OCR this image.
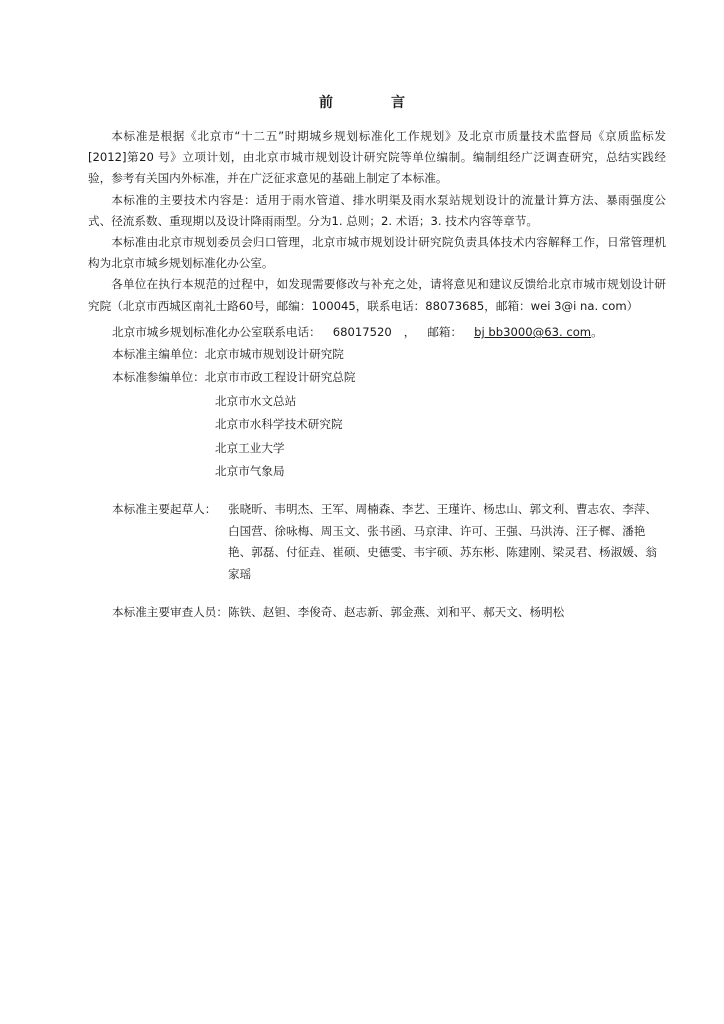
前　言

本标准是根据《北京市“十二五”时期城乡规划标准化工作规划》及北京市质量技术监督局《京质监标发[2012]第20 号》立项计划，由北京市城市规划设计研究院等单位编制。编制组经广泛调查研究，总结实践经验，参考有关国内外标准，并在广泛征求意见的基础上制定了本标准。

本标准的主要技术内容是：适用于雨水管道、排水明渠及雨水泵站规划设计的流量计算方法、暴雨强度公式、径流系数、重现期以及设计降雨雨型。分为1. 总则；2. 术语；3. 技术内容等章节。

本标准由北京市规划委员会归口管理，北京市城市规划设计研究院负责具体技术内容解释工作，日常管理机构为北京市城乡规划标准化办公室。

各单位在执行本规范的过程中，如发现需要修改与补充之处，请将意见和建议反馈给北京市城市规划设计研究院（北京市西城区南礼士路60号，邮编：100045，联系电话：88073685，邮箱：wei 3@i na. com）

北京市城乡规划标准化办公室联系电话： 68017520 ， 邮箱： bj bb3000@63. com。
本标准主编单位：北京市城市规划设计研究院
本标准参编单位：北京市市政工程设计研究总院
北京市水文总站
北京市水科学技术研究院
北京工业大学
北京市气象局
本标准主要起草人： 张晓昕、韦明杰、王军、周楠森、李艺、王瑾许、杨忠山、郭文利、曹志农、李萍、白国营、徐咏梅、周玉文、张书函、马京津、许可、王强、马洪涛、汪子樨、潘艳艳、郭磊、付征垚、崔硕、史德雯、韦宇硕、苏东彬、陈建刚、梁灵君、杨淑媛、翁家瑶
本标准主要审查人员： 陈铁、赵钽、李俊奇、赵志新、郭金燕、刘和平、郝天文、杨明松
